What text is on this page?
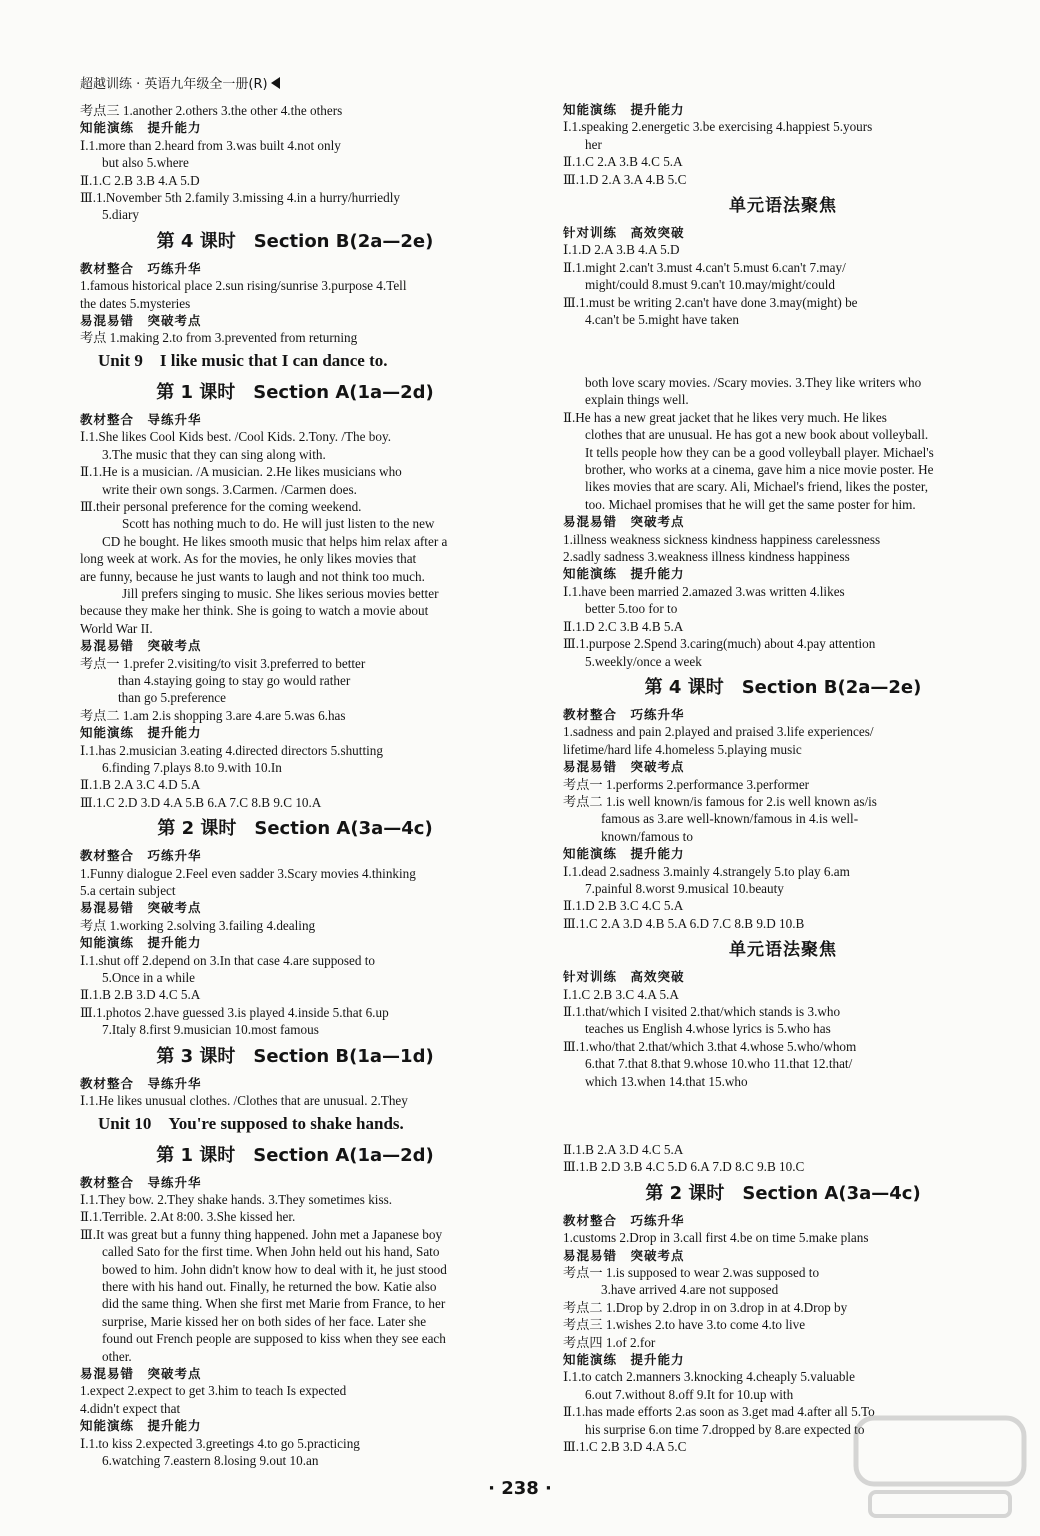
超越训练 · 英语九年级全一册(R)
考点三 1.another 2.others 3.the other 4.the others
知能演练　提升能力
Ⅰ.1.more than 2.heard from 3.was built 4.not only
but also 5.where
Ⅱ.1.C 2.B 3.B 4.A 5.D
Ⅲ.1.November 5th 2.family 3.missing 4.in a hurry/hurriedly
5.diary
第 4 课时　Section B(2a—2e)
教材整合　巧练升华
1.famous historical place 2.sun rising/sunrise 3.purpose 4.Tell
the dates 5.mysteries
易混易错　突破考点
考点 1.making 2.to from 3.prevented from returning
Unit 9　I like music that I can dance to.
第 1 课时　Section A(1a—2d)
教材整合　导练升华
Ⅰ.1.She likes Cool Kids best. /Cool Kids. 2.Tony. /The boy.
3.The music that they can sing along with.
Ⅱ.1.He is a musician. /A musician. 2.He likes musicians who
write their own songs. 3.Carmen. /Carmen does.
Ⅲ.their personal preference for the coming weekend.
Scott has nothing much to do. He will just listen to the new
CD he bought. He likes smooth music that helps him relax after a
long week at work. As for the movies, he only likes movies that
are funny, because he just wants to laugh and not think too much.
Jill prefers singing to music. She likes serious movies better
because they make her think. She is going to watch a movie about
World War II.
易混易错　突破考点
考点一 1.prefer 2.visiting/to visit 3.preferred to better
than 4.staying going to stay go would rather
than go 5.preference
考点二 1.am 2.is shopping 3.are 4.are 5.was 6.has
知能演练　提升能力
Ⅰ.1.has 2.musician 3.eating 4.directed directors 5.shutting
6.finding 7.plays 8.to 9.with 10.In
Ⅱ.1.B 2.A 3.C 4.D 5.A
Ⅲ.1.C 2.D 3.D 4.A 5.B 6.A 7.C 8.B 9.C 10.A
第 2 课时　Section A(3a—4c)
教材整合　巧练升华
1.Funny dialogue 2.Feel even sadder 3.Scary movies 4.thinking
5.a certain subject
易混易错　突破考点
考点 1.working 2.solving 3.failing 4.dealing
知能演练　提升能力
Ⅰ.1.shut off 2.depend on 3.In that case 4.are supposed to
5.Once in a while
Ⅱ.1.B 2.B 3.D 4.C 5.A
Ⅲ.1.photos 2.have guessed 3.is played 4.inside 5.that 6.up
7.Italy 8.first 9.musician 10.most famous
第 3 课时　Section B(1a—1d)
教材整合　导练升华
Ⅰ.1.He likes unusual clothes. /Clothes that are unusual. 2.They
Unit 10　You're supposed to shake hands.
第 1 课时　Section A(1a—2d)
教材整合　导练升华
Ⅰ.1.They bow. 2.They shake hands. 3.They sometimes kiss.
Ⅱ.1.Terrible. 2.At 8:00. 3.She kissed her.
Ⅲ.It was great but a funny thing happened. John met a Japanese boy
called Sato for the first time. When John held out his hand, Sato
bowed to him. John didn't know how to deal with it, he just stood
there with his hand out. Finally, he returned the bow. Katie also
did the same thing. When she first met Marie from France, to her
surprise, Marie kissed her on both sides of her face. Later she
found out French people are supposed to kiss when they see each
other.
易混易错　突破考点
1.expect 2.expect to get 3.him to teach Is expected
4.didn't expect that
知能演练　提升能力
Ⅰ.1.to kiss 2.expected 3.greetings 4.to go 5.practicing
6.watching 7.eastern 8.losing 9.out 10.an
知能演练　提升能力
Ⅰ.1.speaking 2.energetic 3.be exercising 4.happiest 5.yours
her
Ⅱ.1.C 2.A 3.B 4.C 5.A
Ⅲ.1.D 2.A 3.A 4.B 5.C
单元语法聚焦
针对训练　高效突破
Ⅰ.1.D 2.A 3.B 4.A 5.D
Ⅱ.1.might 2.can't 3.must 4.can't 5.must 6.can't 7.may/
might/could 8.must 9.can't 10.may/might/could
Ⅲ.1.must be writing 2.can't have done 3.may(might) be
4.can't be 5.might have taken
both love scary movies. /Scary movies. 3.They like writers who
explain things well.
Ⅱ.He has a new great jacket that he likes very much. He likes
clothes that are unusual. He has got a new book about volleyball.
It tells people how they can be a good volleyball player. Michael's
brother, who works at a cinema, gave him a nice movie poster. He
likes movies that are scary. Ali, Michael's friend, likes the poster,
too. Michael promises that he will get the same poster for him.
易混易错　突破考点
1.illness weakness sickness kindness happiness carelessness
2.sadly sadness 3.weakness illness kindness happiness
知能演练　提升能力
Ⅰ.1.have been married 2.amazed 3.was written 4.likes
better 5.too for to
Ⅱ.1.D 2.C 3.B 4.B 5.A
Ⅲ.1.purpose 2.Spend 3.caring(much) about 4.pay attention
5.weekly/once a week
第 4 课时　Section B(2a—2e)
教材整合　巧练升华
1.sadness and pain 2.played and praised 3.life experiences/
lifetime/hard life 4.homeless 5.playing music
易混易错　突破考点
考点一 1.performs 2.performance 3.performer
考点二 1.is well known/is famous for 2.is well known as/is
famous as 3.are well-known/famous in 4.is well-
known/famous to
知能演练　提升能力
Ⅰ.1.dead 2.sadness 3.mainly 4.strangely 5.to play 6.am
7.painful 8.worst 9.musical 10.beauty
Ⅱ.1.D 2.B 3.C 4.C 5.A
Ⅲ.1.C 2.A 3.D 4.B 5.A 6.D 7.C 8.B 9.D 10.B
单元语法聚焦
针对训练　高效突破
Ⅰ.1.C 2.B 3.C 4.A 5.A
Ⅱ.1.that/which I visited 2.that/which stands is 3.who
teaches us English 4.whose lyrics is 5.who has
Ⅲ.1.who/that 2.that/which 3.that 4.whose 5.who/whom
6.that 7.that 8.that 9.whose 10.who 11.that 12.that/
which 13.when 14.that 15.who
Ⅱ.1.B 2.A 3.D 4.C 5.A
Ⅲ.1.B 2.D 3.B 4.C 5.D 6.A 7.D 8.C 9.B 10.C
第 2 课时　Section A(3a—4c)
教材整合　巧练升华
1.customs 2.Drop in 3.call first 4.be on time 5.make plans
易混易错　突破考点
考点一 1.is supposed to wear 2.was supposed to
3.have arrived 4.are not supposed
考点二 1.Drop by 2.drop in on 3.drop in at 4.Drop by
考点三 1.wishes 2.to have 3.to come 4.to live
考点四 1.of 2.for
知能演练　提升能力
Ⅰ.1.to catch 2.manners 3.knocking 4.cheaply 5.valuable
6.out 7.without 8.off 9.It for 10.up with
Ⅱ.1.has made efforts 2.as soon as 3.get mad 4.after all 5.To
his surprise 6.on time 7.dropped by 8.are expected to
Ⅲ.1.C 2.B 3.D 4.A 5.C
· 238 ·
